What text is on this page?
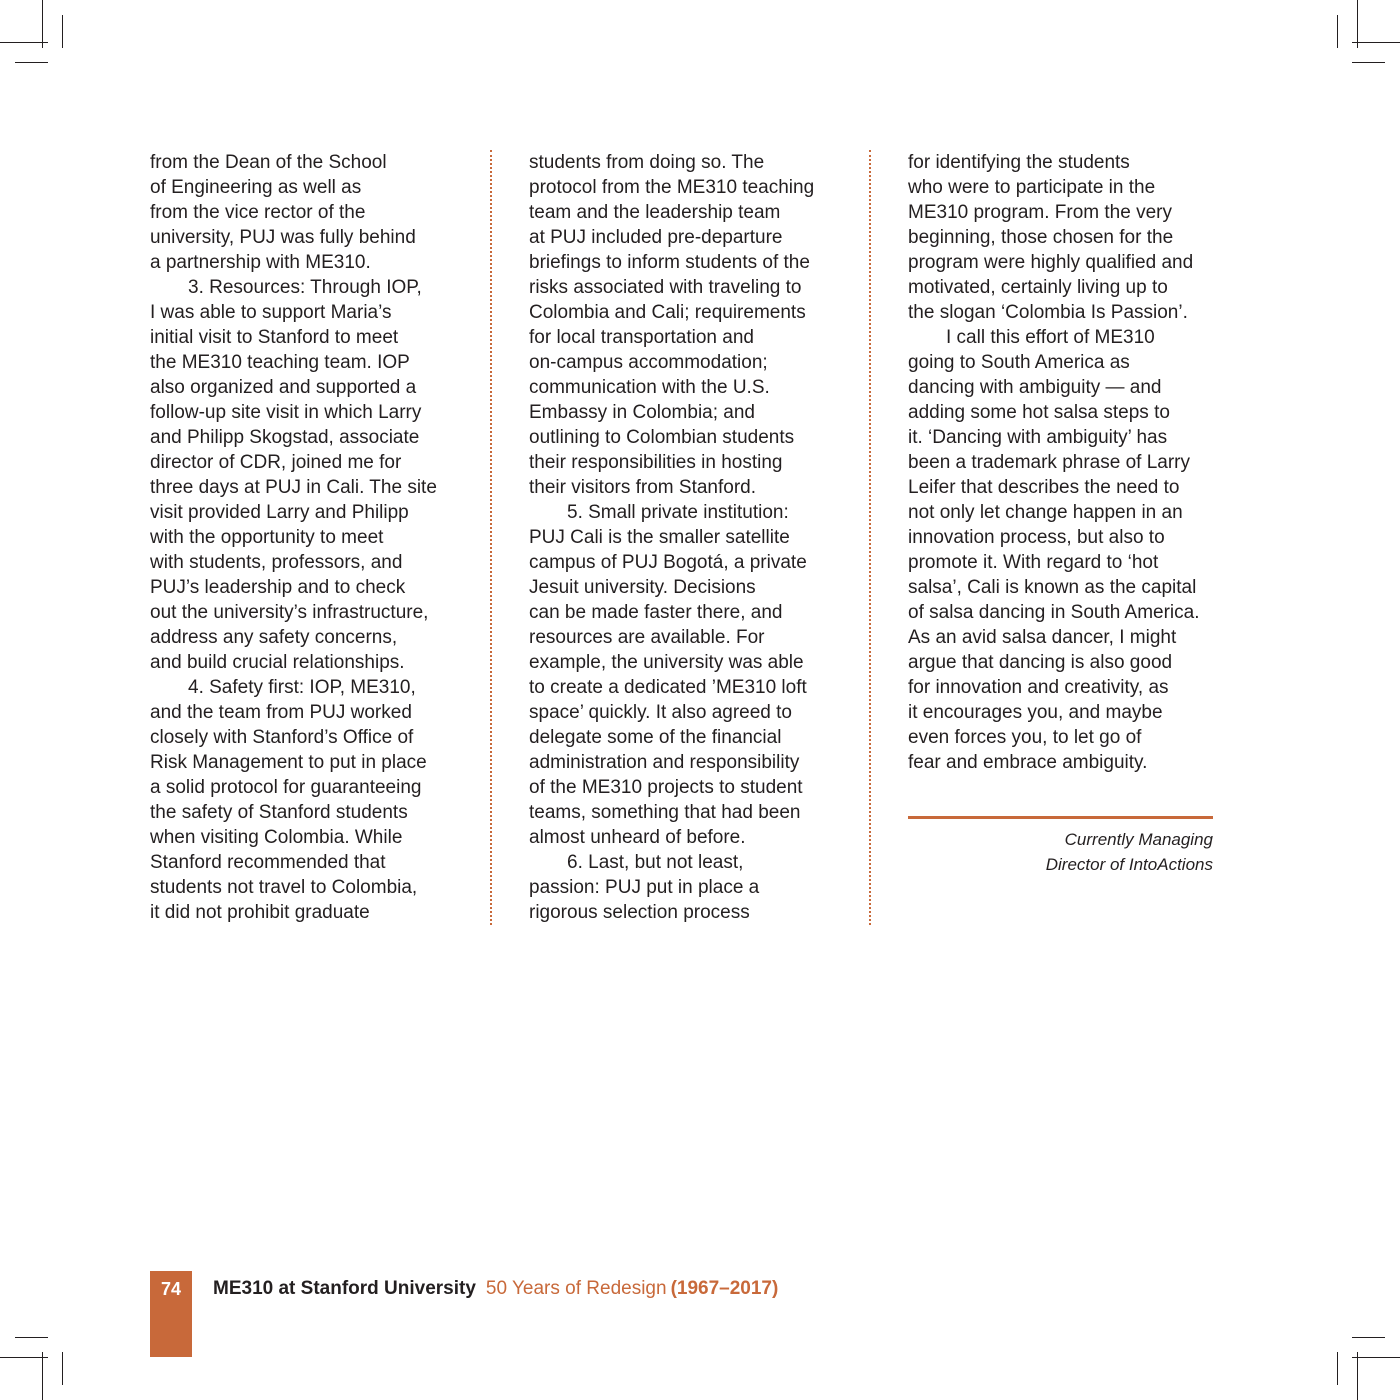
from the Dean of the School
of Engineering as well as
from the vice rector of the
university, PUJ was fully behind
a partnership with ME310.
3. Resources: Through IOP,
I was able to support Maria’s
initial visit to Stanford to meet
the ME310 teaching team. IOP
also organized and supported a
follow-up site visit in which Larry
and Philipp Skogstad, associate
director of CDR, joined me for
three days at PUJ in Cali. The site
visit provided Larry and Philipp
with the opportunity to meet
with students, professors, and
PUJ’s leadership and to check
out the university’s infrastructure,
address any safety concerns,
and build crucial relationships.
4. Safety first: IOP, ME310,
and the team from PUJ worked
closely with Stanford’s Office of
Risk Management to put in place
a solid protocol for guaranteeing
the safety of Stanford students
when visiting Colombia. While
Stanford recommended that
students not travel to Colombia,
it did not prohibit graduate
students from doing so. The
protocol from the ME310 teaching
team and the leadership team
at PUJ included pre-departure
briefings to inform students of the
risks associated with traveling to
Colombia and Cali; requirements
for local transportation and
on-campus accommodation;
communication with the U.S.
Embassy in Colombia; and
outlining to Colombian students
their responsibilities in hosting
their visitors from Stanford.
5. Small private institution:
PUJ Cali is the smaller satellite
campus of PUJ Bogotá, a private
Jesuit university. Decisions
can be made faster there, and
resources are available. For
example, the university was able
to create a dedicated ’ME310 loft
space’ quickly. It also agreed to
delegate some of the financial
administration and responsibility
of the ME310 projects to student
teams, something that had been
almost unheard of before.
6. Last, but not least,
passion: PUJ put in place a
rigorous selection process
for identifying the students
who were to participate in the
ME310 program. From the very
beginning, those chosen for the
program were highly qualified and
motivated, certainly living up to
the slogan ‘Colombia Is Passion’.
I call this effort of ME310
going to South America as
dancing with ambiguity — and
adding some hot salsa steps to
it. ‘Dancing with ambiguity’ has
been a trademark phrase of Larry
Leifer that describes the need to
not only let change happen in an
innovation process, but also to
promote it. With regard to ‘hot
salsa’, Cali is known as the capital
of salsa dancing in South America.
As an avid salsa dancer, I might
argue that dancing is also good
for innovation and creativity, as
it encourages you, and maybe
even forces you, to let go of
fear and embrace ambiguity.
Currently Managing
Director of IntoActions
74	ME310 at Stanford University 50 Years of Redesign (1967–2017)
